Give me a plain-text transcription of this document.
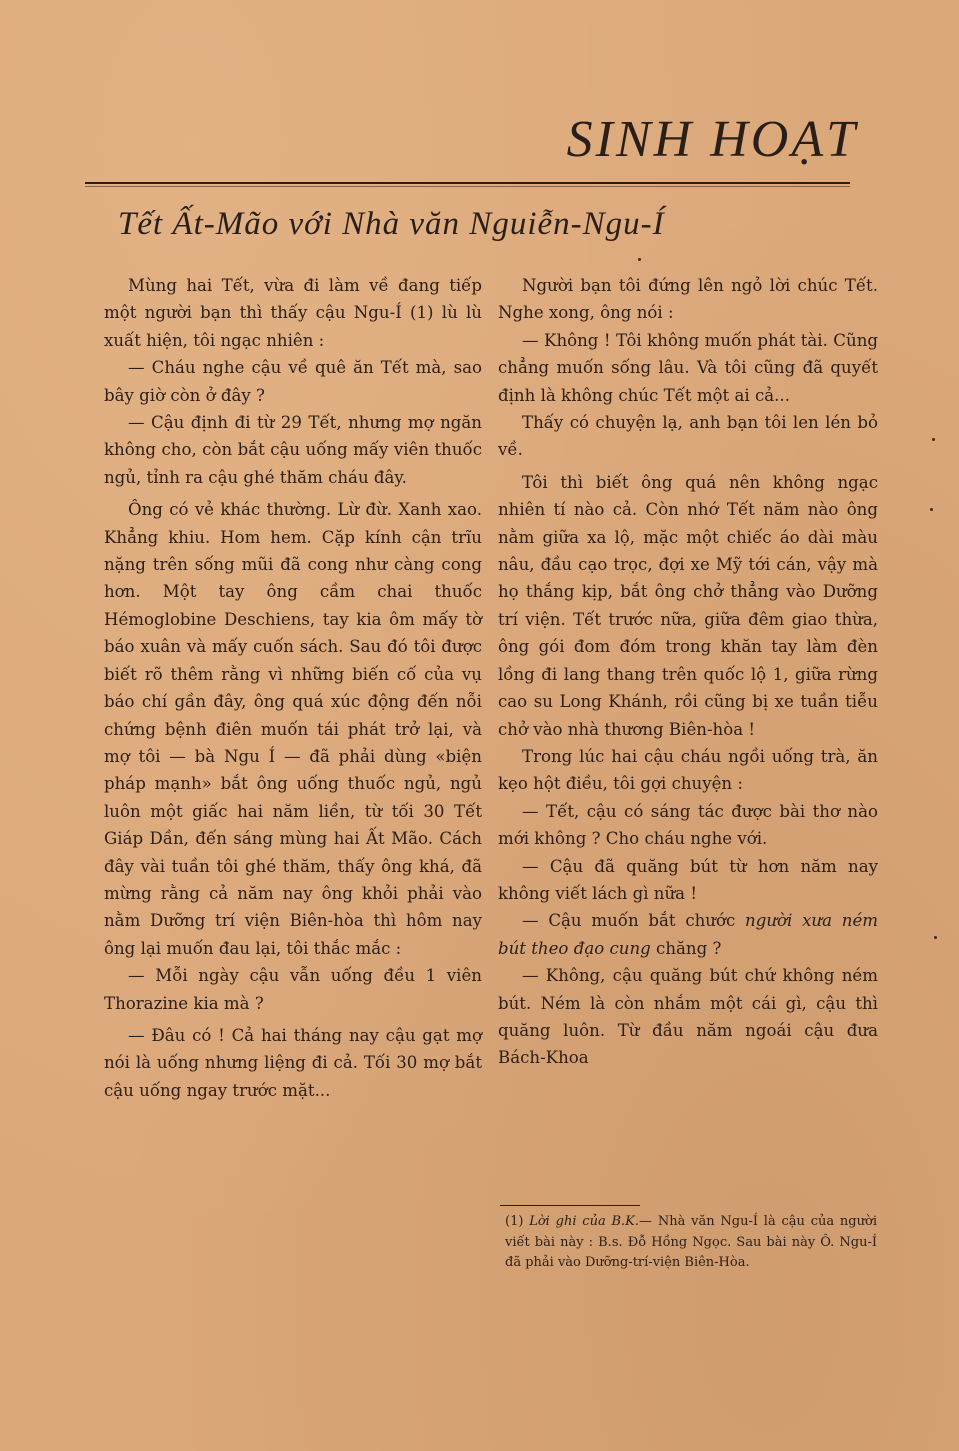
SINH HOẠT
Tết Ất-Mão với Nhà văn Nguiễn-Ngu-Í

Mùng hai Tết, vừa đi làm về đang tiếp một người bạn thì thấy cậu Ngu-Í (1) lù lù xuất hiện, tôi ngạc nhiên :

— Cháu nghe cậu về quê ăn Tết mà, sao bây giờ còn ở đây ?

— Cậu định đi từ 29 Tết, nhưng mợ ngăn không cho, còn bắt cậu uống mấy viên thuốc ngủ, tỉnh ra cậu ghé thăm cháu đây.

Ông có vẻ khác thường. Lừ đừ. Xanh xao. Khẳng khiu. Hom hem. Cặp kính cận trĩu nặng trên sống mũi đã cong như càng cong hơn. Một tay ông cầm chai thuốc Hémoglobine Deschiens, tay kia ôm mấy tờ báo xuân và mấy cuốn sách. Sau đó tôi được biết rõ thêm rằng vì những biến cố của vụ báo chí gần đây, ông quá xúc động đến nỗi chứng bệnh điên muốn tái phát trở lại, và mợ tôi — bà Ngu Í — đã phải dùng «biện pháp mạnh» bắt ông uống thuốc ngủ, ngủ luôn một giấc hai năm liền, từ tối 30 Tết Giáp Dần, đến sáng mùng hai Ất Mão. Cách đây vài tuần tôi ghé thăm, thấy ông khá, đã mừng rằng cả năm nay ông khỏi phải vào nằm Dưỡng trí viện Biên-hòa thì hôm nay ông lại muốn đau lại, tôi thắc mắc :

— Mỗi ngày cậu vẫn uống đều 1 viên Thorazine kia mà ?

— Đâu có ! Cả hai tháng nay cậu gạt mợ nói là uống nhưng liệng đi cả. Tối 30 mợ bắt cậu uống ngay trước mặt...

Người bạn tôi đứng lên ngỏ lời chúc Tết. Nghe xong, ông nói :

— Không ! Tôi không muốn phát tài. Cũng chẳng muốn sống lâu. Và tôi cũng đã quyết định là không chúc Tết một ai cả...

Thấy có chuyện lạ, anh bạn tôi len lén bỏ về.

Tôi thì biết ông quá nên không ngạc nhiên tí nào cả. Còn nhớ Tết năm nào ông nằm giữa xa lộ, mặc một chiếc áo dài màu nâu, đầu cạo trọc, đợi xe Mỹ tới cán, vậy mà họ thắng kịp, bắt ông chở thẳng vào Dưỡng trí viện. Tết trước nữa, giữa đêm giao thừa, ông gói đom đóm trong khăn tay làm đèn lồng đi lang thang trên quốc lộ 1, giữa rừng cao su Long Khánh, rồi cũng bị xe tuần tiễu chở vào nhà thương Biên-hòa !

Trong lúc hai cậu cháu ngồi uống trà, ăn kẹo hột điều, tôi gợi chuyện :

— Tết, cậu có sáng tác được bài thơ nào mới không ? Cho cháu nghe với.

— Cậu đã quăng bút từ hơn năm nay không viết lách gì nữa !

— Cậu muốn bắt chước người xưa ném bút theo đạo cung chăng ?

— Không, cậu quăng bút chứ không ném bút. Ném là còn nhắm một cái gì, cậu thì quăng luôn. Từ đầu năm ngoái cậu đưa Bách-Khoa

(1) Lời ghi của B.K.— Nhà văn Ngu-Í là cậu của người viết bài này : B.s. Đỗ Hồng Ngọc. Sau bài này Ô. Ngu-Í đã phải vào Dưỡng-trí-viện Biên-Hòa.
